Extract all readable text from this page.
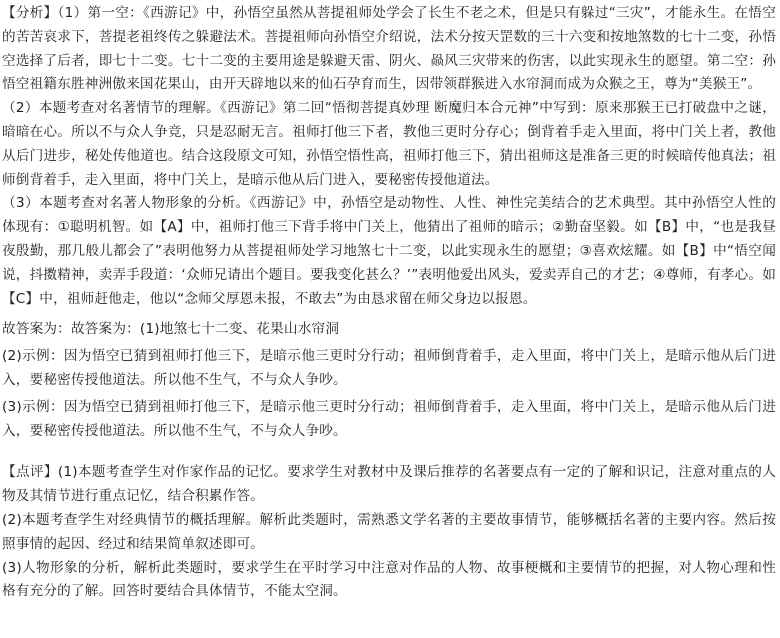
【分析】（1）第一空：《西游记》中，孙悟空虽然从菩提祖师处学会了长生不老之术，但是只有躲过“三灾”，才能永生。在悟空的苦苦哀求下，菩提老祖终传之躲避法术。菩提祖师向孙悟空介绍说，法术分按天罡数的三十六变和按地煞数的七十二变，孙悟空选择了后者，即七十二变。七十二变的主要用途是躲避天雷、阴火、赑风三灾带来的伤害，以此实现永生的愿望。第二空：孙悟空祖籍东胜神洲傲来国花果山，由开天辟地以来的仙石孕育而生，因带领群猴进入水帘洞而成为众猴之王，尊为“美猴王”。

（2）本题考查对名著情节的理解。《西游记》第二回“悟彻菩提真妙理 断魔归本合元神”中写到：原来那猴王已打破盘中之谜，暗暗在心。所以不与众人争竞，只是忍耐无言。祖师打他三下者，教他三更时分存心；倒背着手走入里面，将中门关上者，教他从后门进步，秘处传他道也。结合这段原文可知，孙悟空悟性高，祖师打他三下，猜出祖师这是准备三更的时候暗传他真法；祖师倒背着手，走入里面，将中门关上，是暗示他从后门进入，要秘密传授他道法。

（3）本题考查对名著人物形象的分析。《西游记》中，孙悟空是动物性、人性、神性完美结合的艺术典型。其中孙悟空人性的体现有：①聪明机智。如【A】中，祖师打他三下背手将中门关上，他猜出了祖师的暗示；②勤奋坚毅。如【B】中，“也是我昼夜殷勤，那几般儿都会了”表明他努力从菩提祖师处学习地煞七十二变，以此实现永生的愿望；③喜欢炫耀。如【B】中“悟空闻说，抖擞精神，卖弄手段道：‘众师兄请出个题目。要我变化甚么？’”表明他爱出风头，爱卖弄自己的才艺；④尊师，有孝心。如【C】中，祖师赶他走，他以“念师父厚恩未报，不敢去”为由恳求留在师父身边以报恩。

故答案为：故答案为：(1)地煞七十二变、花果山水帘洞

(2)示例：因为悟空已猜到祖师打他三下，是暗示他三更时分行动；祖师倒背着手，走入里面，将中门关上，是暗示他从后门进入，要秘密传授他道法。所以他不生气，不与众人争吵。

(3)示例：因为悟空已猜到祖师打他三下，是暗示他三更时分行动；祖师倒背着手，走入里面，将中门关上，是暗示他从后门进入，要秘密传授他道法。所以他不生气，不与众人争吵。

【点评】(1)本题考查学生对作家作品的记忆。要求学生对教材中及课后推荐的名著要点有一定的了解和识记，注意对重点的人物及其情节进行重点记忆，结合积累作答。

(2)本题考查学生对经典情节的概括理解。解析此类题时，需熟悉文学名著的主要故事情节，能够概括名著的主要内容。然后按照事情的起因、经过和结果简单叙述即可。

(3)人物形象的分析，解析此类题时，要求学生在平时学习中注意对作品的人物、故事梗概和主要情节的把握，对人物心理和性格有充分的了解。回答时要结合具体情节，不能太空洞。
